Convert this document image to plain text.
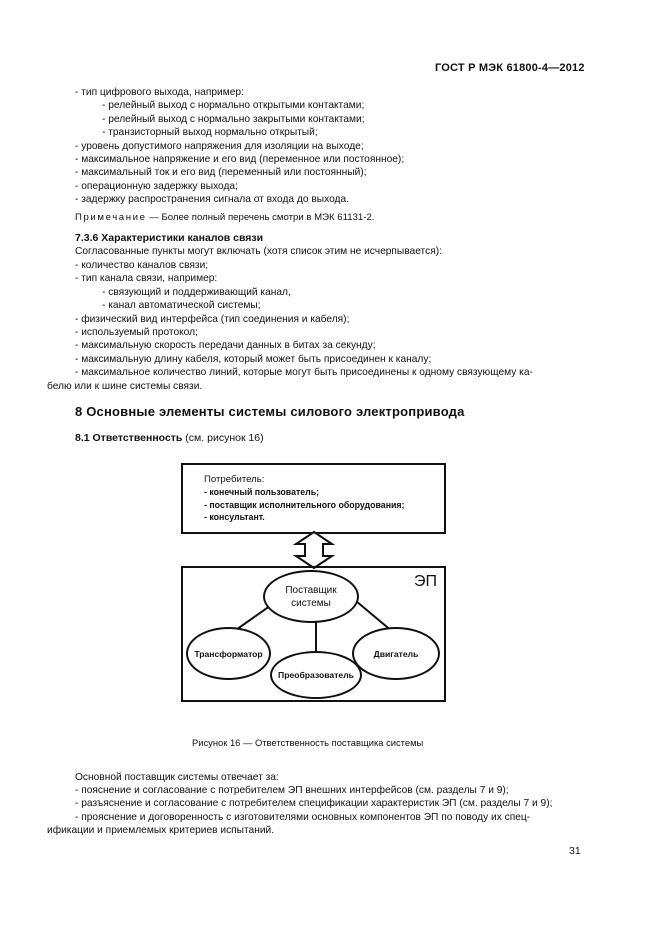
ГОСТ Р МЭК 61800-4—2012
- тип цифрового выхода, например:
- релейный выход с нормально открытыми контактами;
- релейный выход с нормально закрытыми контактами;
- транзисторный выход нормально открытый;
- уровень допустимого напряжения для изоляции на выходе;
- максимальное напряжение и его вид (переменное или постоянное);
- максимальный ток и его вид (переменный или постоянный);
- операционную задержку выхода;
- задержку распространения сигнала от входа до выхода.
Примечание — Более полный перечень смотри в МЭК 61131-2.
7.3.6 Характеристики каналов связи
Согласованные пункты могут включать (хотя список этим не исчерпывается):
- количество каналов связи;
- тип канала связи, например:
- связующий и поддерживающий канал,
- канал автоматической системы;
- физический вид интерфейса (тип соединения и кабеля);
- используемый протокол;
- максимальную скорость передачи данных в битах за секунду;
- максимальную длину кабеля, который может быть присоединен к каналу;
- максимальное количество линий, которые могут быть присоединены к одному связующему ка-
белю или к шине системы связи.
8 Основные элементы системы силового электропривода
8.1 Ответственность (см. рисунок 16)
Потребитель:
- конечный пользователь;
- поставщик исполнительного оборудования;
- консультант.
ЭП
Поставщик
системы
Трансформатор	Двигатель
Преобразователь
Рисунок 16 — Ответственность поставщика системы
Основной поставщик системы отвечает за:
- пояснение и согласование с потребителем ЭП внешних интерфейсов (см. разделы 7 и 9);
- разъяснение и согласование с потребителем спецификации характеристик ЭП (см. разделы 7 и 9);
- прояснение и договоренность с изготовителями основных компонентов ЭП по поводу их спец-
ификации и приемлемых критериев испытаний.
31
